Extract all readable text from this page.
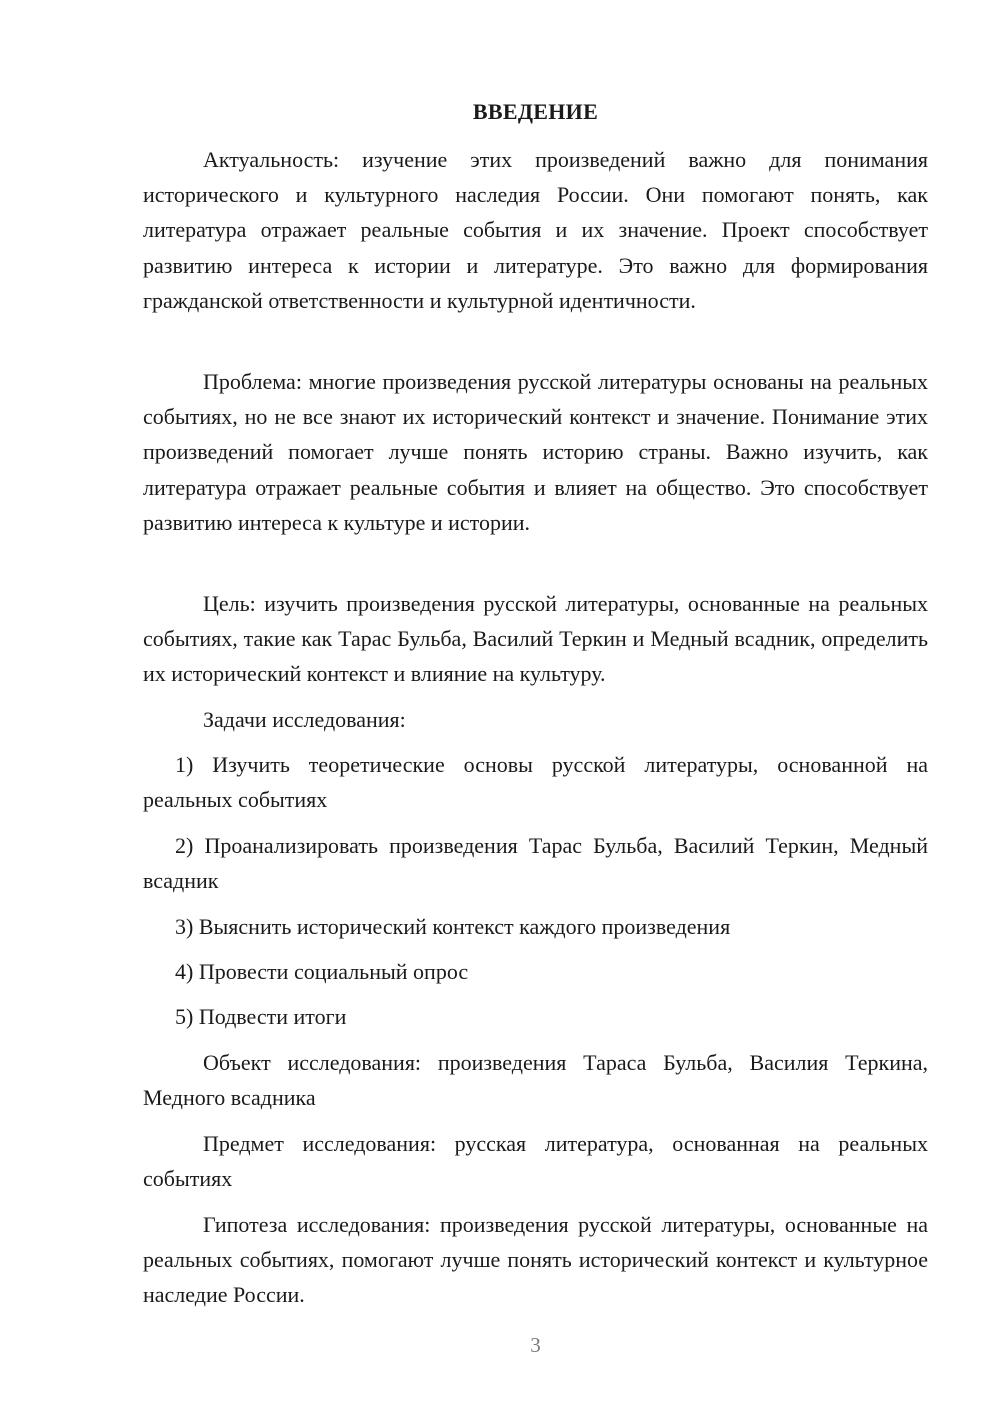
ВВЕДЕНИЕ

Актуальность: изучение этих произведений важно для понимания исторического и культурного наследия России. Они помогают понять, как литература отражает реальные события и их значение. Проект способствует развитию интереса к истории и литературе. Это важно для формирования гражданской ответственности и культурной идентичности.

Проблема: многие произведения русской литературы основаны на реальных событиях, но не все знают их исторический контекст и значение. Понимание этих произведений помогает лучше понять историю страны. Важно изучить, как литература отражает реальные события и влияет на общество. Это способствует развитию интереса к культуре и истории.

Цель: изучить произведения русской литературы, основанные на реальных событиях, такие как Тарас Бульба, Василий Теркин и Медный всадник, определить их исторический контекст и влияние на культуру.

Задачи исследования:

1) Изучить теоретические основы русской литературы, основанной на реальных событиях

2) Проанализировать произведения Тарас Бульба, Василий Теркин, Медный всадник

3) Выяснить исторический контекст каждого произведения

4) Провести социальный опрос

5) Подвести итоги

Объект исследования: произведения Тараса Бульба, Василия Теркина, Медного всадника

Предмет исследования: русская литература, основанная на реальных событиях

Гипотеза исследования: произведения русской литературы, основанные на реальных событиях, помогают лучше понять исторический контекст и культурное наследие России.

3
